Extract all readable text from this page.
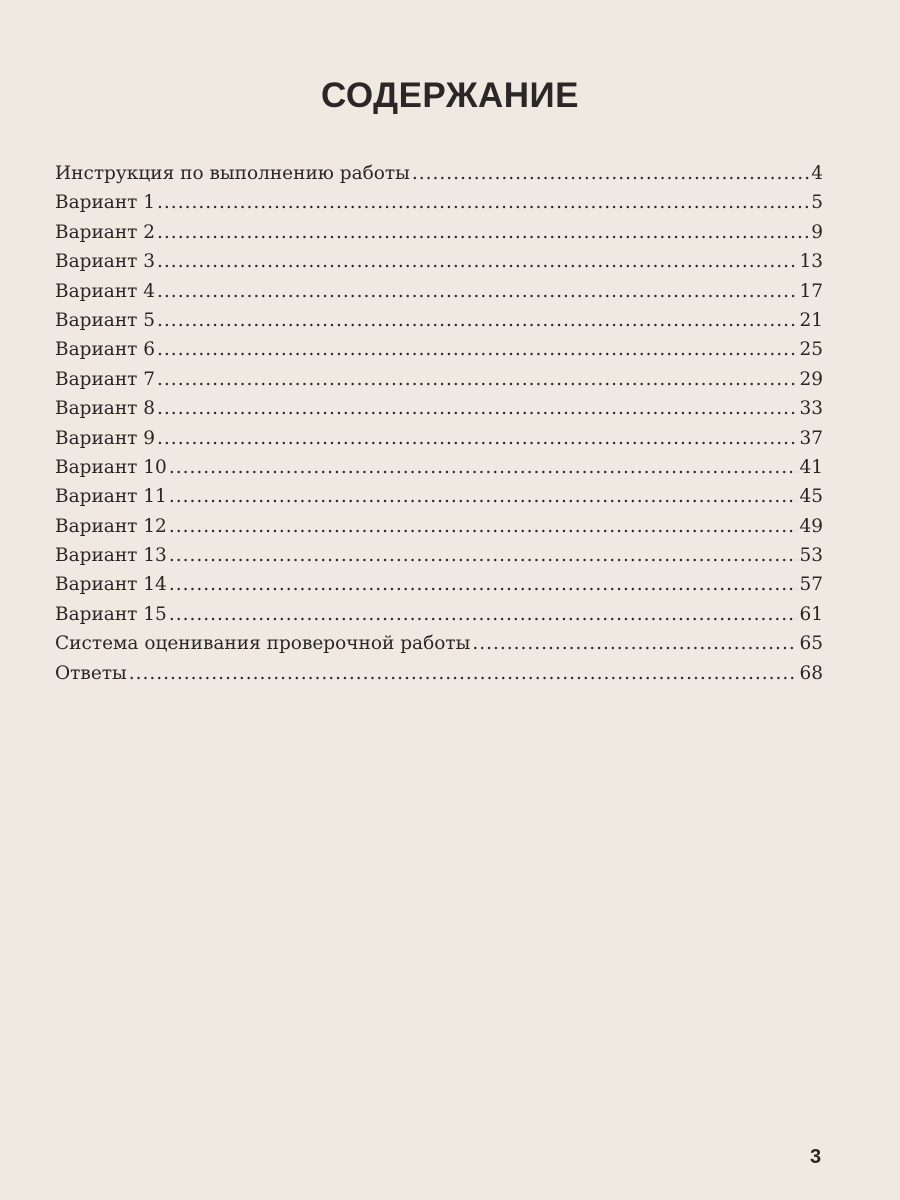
СОДЕРЖАНИЕ
Инструкция по выполнению работы .....	4
Вариант 1 .....	5
Вариант 2 .....	9
Вариант 3 .....	13
Вариант 4 .....	17
Вариант 5 .....	21
Вариант 6 .....	25
Вариант 7 .....	29
Вариант 8 .....	33
Вариант 9 .....	37
Вариант 10 .....	41
Вариант 11 .....	45
Вариант 12 .....	49
Вариант 13 .....	53
Вариант 14 .....	57
Вариант 15 .....	61
Система оценивания проверочной работы .....	65
Ответы .....	68
3
